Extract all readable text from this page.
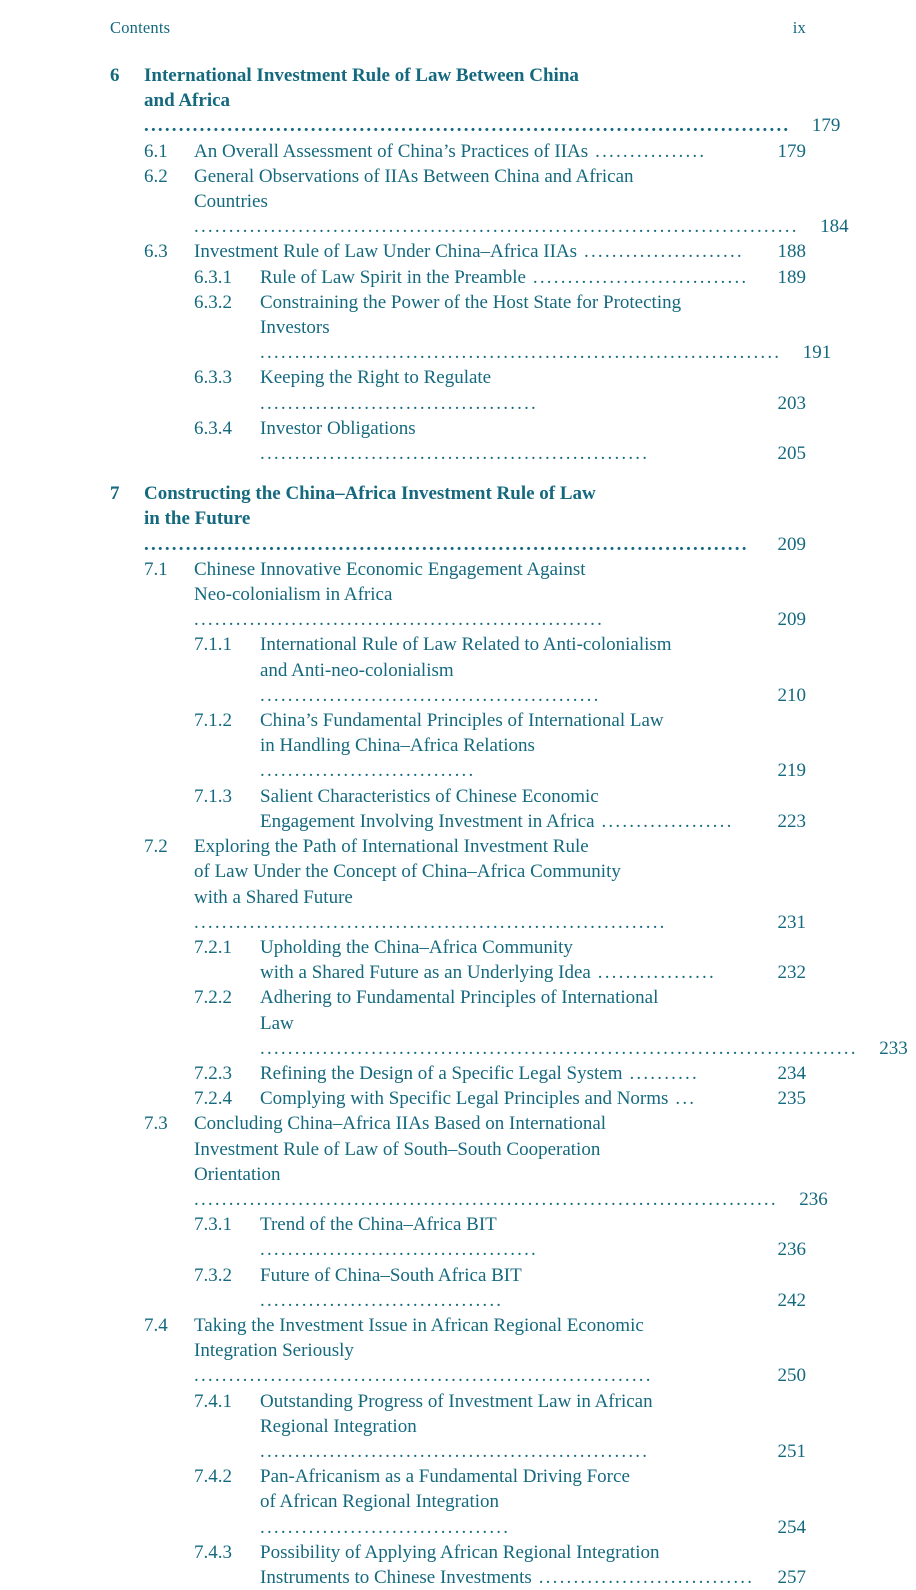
Contents	ix
6	International Investment Rule of Law Between China
and Africa .............................................................................................	179
6.1	An Overall Assessment of China’s Practices of IIAs ................	179
6.2	General Observations of IIAs Between China and African
Countries .......................................................................................	184
6.3	Investment Rule of Law Under China–Africa IIAs .......................	188
6.3.1	Rule of Law Spirit in the Preamble ...............................	189
6.3.2	Constraining the Power of the Host State for Protecting
Investors ...........................................................................	191
6.3.3	Keeping the Right to Regulate ........................................	203
6.3.4	Investor Obligations ........................................................	205
7	Constructing the China–Africa Investment Rule of Law
in the Future .......................................................................................	209
7.1	Chinese Innovative Economic Engagement Against
Neo-colonialism in Africa ...........................................................	209
7.1.1	International Rule of Law Related to Anti-colonialism
and Anti-neo-colonialism .................................................	210
7.1.2	China’s Fundamental Principles of International Law
in Handling China–Africa Relations ...............................	219
7.1.3	Salient Characteristics of Chinese Economic
Engagement Involving Investment in Africa ...................	223
7.2	Exploring the Path of International Investment Rule
of Law Under the Concept of China–Africa Community
with a Shared Future ....................................................................	231
7.2.1	Upholding the China–Africa Community
with a Shared Future as an Underlying Idea .................	232
7.2.2	Adhering to Fundamental Principles of International
Law ......................................................................................	233
7.2.3	Refining the Design of a Specific Legal System ..........	234
7.2.4	Complying with Specific Legal Principles and Norms ...	235
7.3	Concluding China–Africa IIAs Based on International
Investment Rule of Law of South–South Cooperation
Orientation ....................................................................................	236
7.3.1	Trend of the China–Africa BIT ........................................	236
7.3.2	Future of China–South Africa BIT ...................................	242
7.4	Taking the Investment Issue in African Regional Economic
Integration Seriously ..................................................................	250
7.4.1	Outstanding Progress of Investment Law in African
Regional Integration ........................................................	251
7.4.2	Pan-Africanism as a Fundamental Driving Force
of African Regional Integration ....................................	254
7.4.3	Possibility of Applying African Regional Integration
Instruments to Chinese Investments ...............................	257
